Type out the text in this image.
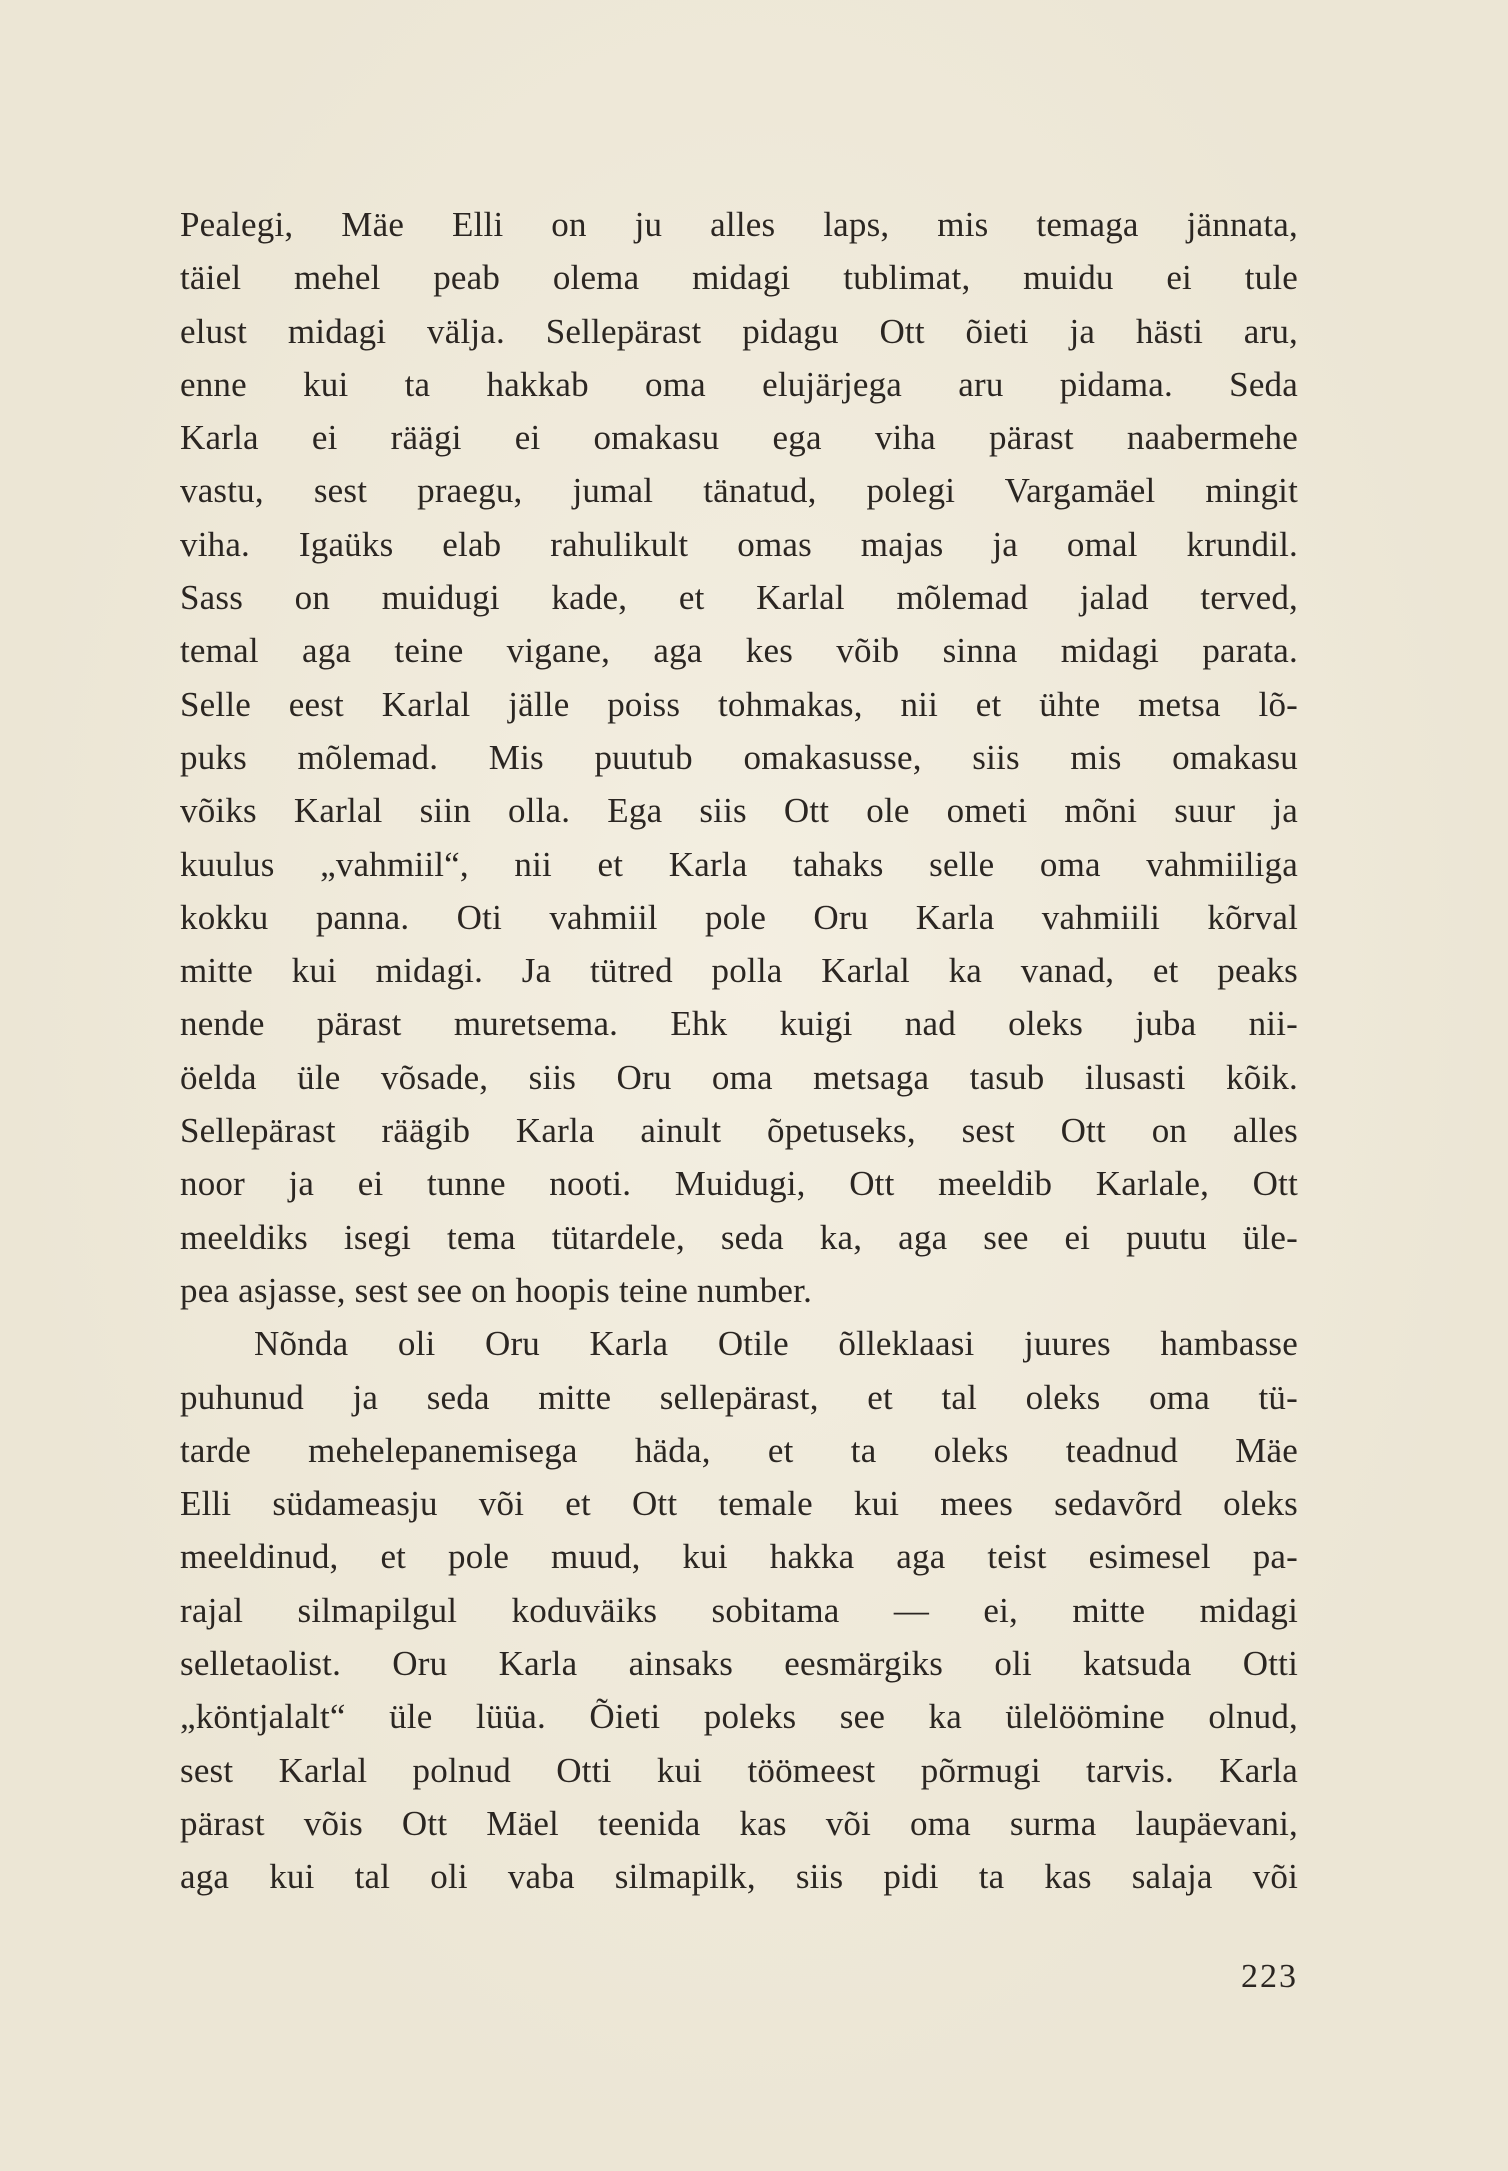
Pealegi, Mäe Elli on ju alles laps, mis temaga jännata,
täiel mehel peab olema midagi tublimat, muidu ei tule
elust midagi välja. Sellepärast pidagu Ott õieti ja hästi aru,
enne kui ta hakkab oma elujärjega aru pidama. Seda
Karla ei räägi ei omakasu ega viha pärast naabermehe
vastu, sest praegu, jumal tänatud, polegi Vargamäel mingit
viha. Igaüks elab rahulikult omas majas ja omal krundil.
Sass on muidugi kade, et Karlal mõlemad jalad terved,
temal aga teine vigane, aga kes võib sinna midagi parata.
Selle eest Karlal jälle poiss tohmakas, nii et ühte metsa lõ-
puks mõlemad. Mis puutub omakasusse, siis mis omakasu
võiks Karlal siin olla. Ega siis Ott ole ometi mõni suur ja
kuulus „vahmiil“, nii et Karla tahaks selle oma vahmiiliga
kokku panna. Oti vahmiil pole Oru Karla vahmiili kõrval
mitte kui midagi. Ja tütred polla Karlal ka vanad, et peaks
nende pärast muretsema. Ehk kuigi nad oleks juba nii-
öelda üle võsade, siis Oru oma metsaga tasub ilusasti kõik.
Sellepärast räägib Karla ainult õpetuseks, sest Ott on alles
noor ja ei tunne nooti. Muidugi, Ott meeldib Karlale, Ott
meeldiks isegi tema tütardele, seda ka, aga see ei puutu üle-
pea asjasse, sest see on hoopis teine number.
Nõnda oli Oru Karla Otile õlleklaasi juures hambasse
puhunud ja seda mitte sellepärast, et tal oleks oma tü-
tarde mehelepanemisega häda, et ta oleks teadnud Mäe
Elli südameasju või et Ott temale kui mees sedavõrd oleks
meeldinud, et pole muud, kui hakka aga teist esimesel pa-
rajal silmapilgul koduväiks sobitama — ei, mitte midagi
selletaolist. Oru Karla ainsaks eesmärgiks oli katsuda Otti
„köntjalalt“ üle lüüa. Õieti poleks see ka ülelöömine olnud,
sest Karlal polnud Otti kui töömeest põrmugi tarvis. Karla
pärast võis Ott Mäel teenida kas või oma surma laupäevani,
aga kui tal oli vaba silmapilk, siis pidi ta kas salaja või
223
